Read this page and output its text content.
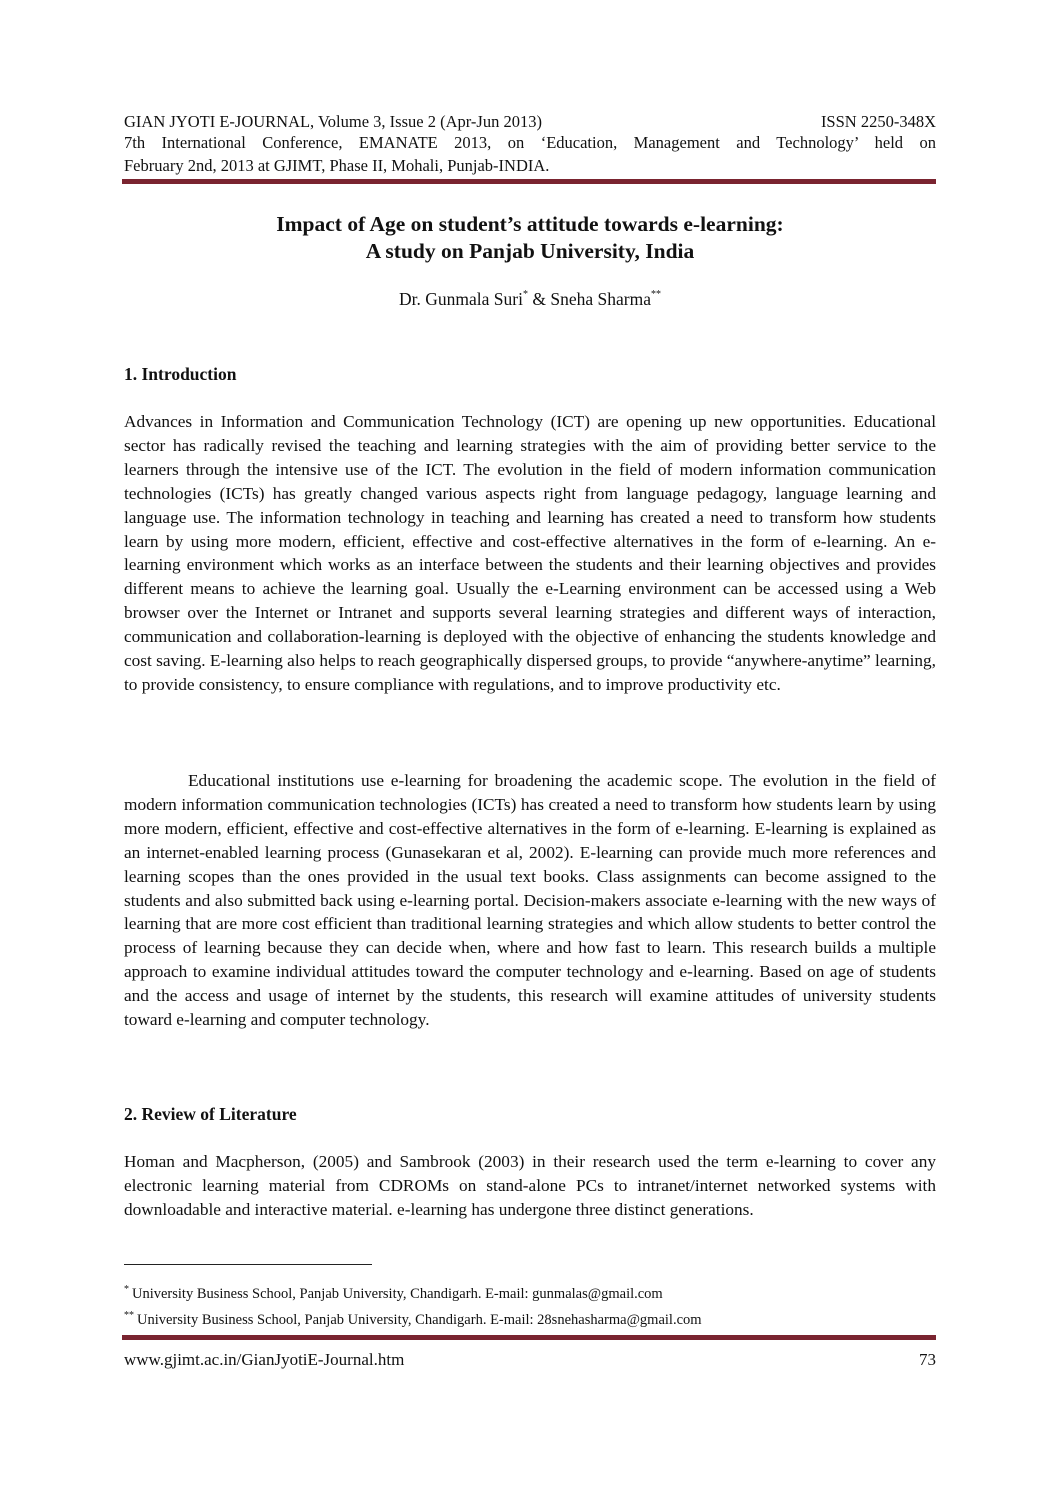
GIAN JYOTI E-JOURNAL, Volume 3, Issue 2 (Apr-Jun 2013)	ISSN 2250-348X
7th International Conference, EMANATE 2013, on ‘Education, Management and Technology’ held on
February 2nd, 2013 at GJIMT, Phase II, Mohali, Punjab-INDIA.
Impact of Age on student’s attitude towards e-learning:
A study on Panjab University, India
Dr. Gunmala Suri* & Sneha Sharma**
1. Introduction

Advances in Information and Communication Technology (ICT) are opening up new opportunities. Educational sector has radically revised the teaching and learning strategies with the aim of providing better service to the learners through the intensive use of the ICT. The evolution in the field of modern information communication technologies (ICTs) has greatly changed various aspects right from language pedagogy, language learning and language use. The information technology in teaching and learning has created a need to transform how students learn by using more modern, efficient, effective and cost-effective alternatives in the form of e-learning. An e-learning environment which works as an interface between the students and their learning objectives and provides different means to achieve the learning goal. Usually the e-Learning environment can be accessed using a Web browser over the Internet or Intranet and supports several learning strategies and different ways of interaction, communication and collaboration-learning is deployed with the objective of enhancing the students knowledge and cost saving. E-learning also helps to reach geographically dispersed groups, to provide “anywhere-anytime” learning, to provide consistency, to ensure compliance with regulations, and to improve productivity etc.

Educational institutions use e-learning for broadening the academic scope. The evolution in the field of modern information communication technologies (ICTs) has created a need to transform how students learn by using more modern, efficient, effective and cost-effective alternatives in the form of e-learning. E-learning is explained as an internet-enabled learning process (Gunasekaran et al, 2002). E-learning can provide much more references and learning scopes than the ones provided in the usual text books. Class assignments can become assigned to the students and also submitted back using e-learning portal. Decision-makers associate e-learning with the new ways of learning that are more cost efficient than traditional learning strategies and which allow students to better control the process of learning because they can decide when, where and how fast to learn. This research builds a multiple approach to examine individual attitudes toward the computer technology and e-learning. Based on age of students and the access and usage of internet by the students, this research will examine attitudes of university students toward e-learning and computer technology.

2. Review of Literature

Homan and Macpherson, (2005) and Sambrook (2003) in their research used the term e-learning to cover any electronic learning material from CDROMs on stand-alone PCs to intranet/internet networked systems with downloadable and interactive material. e-learning has undergone three distinct generations.

* University Business School, Panjab University, Chandigarh. E-mail: gunmalas@gmail.com
** University Business School, Panjab University, Chandigarh. E-mail: 28snehasharma@gmail.com
www.gjimt.ac.in/GianJyotiE-Journal.htm	73
